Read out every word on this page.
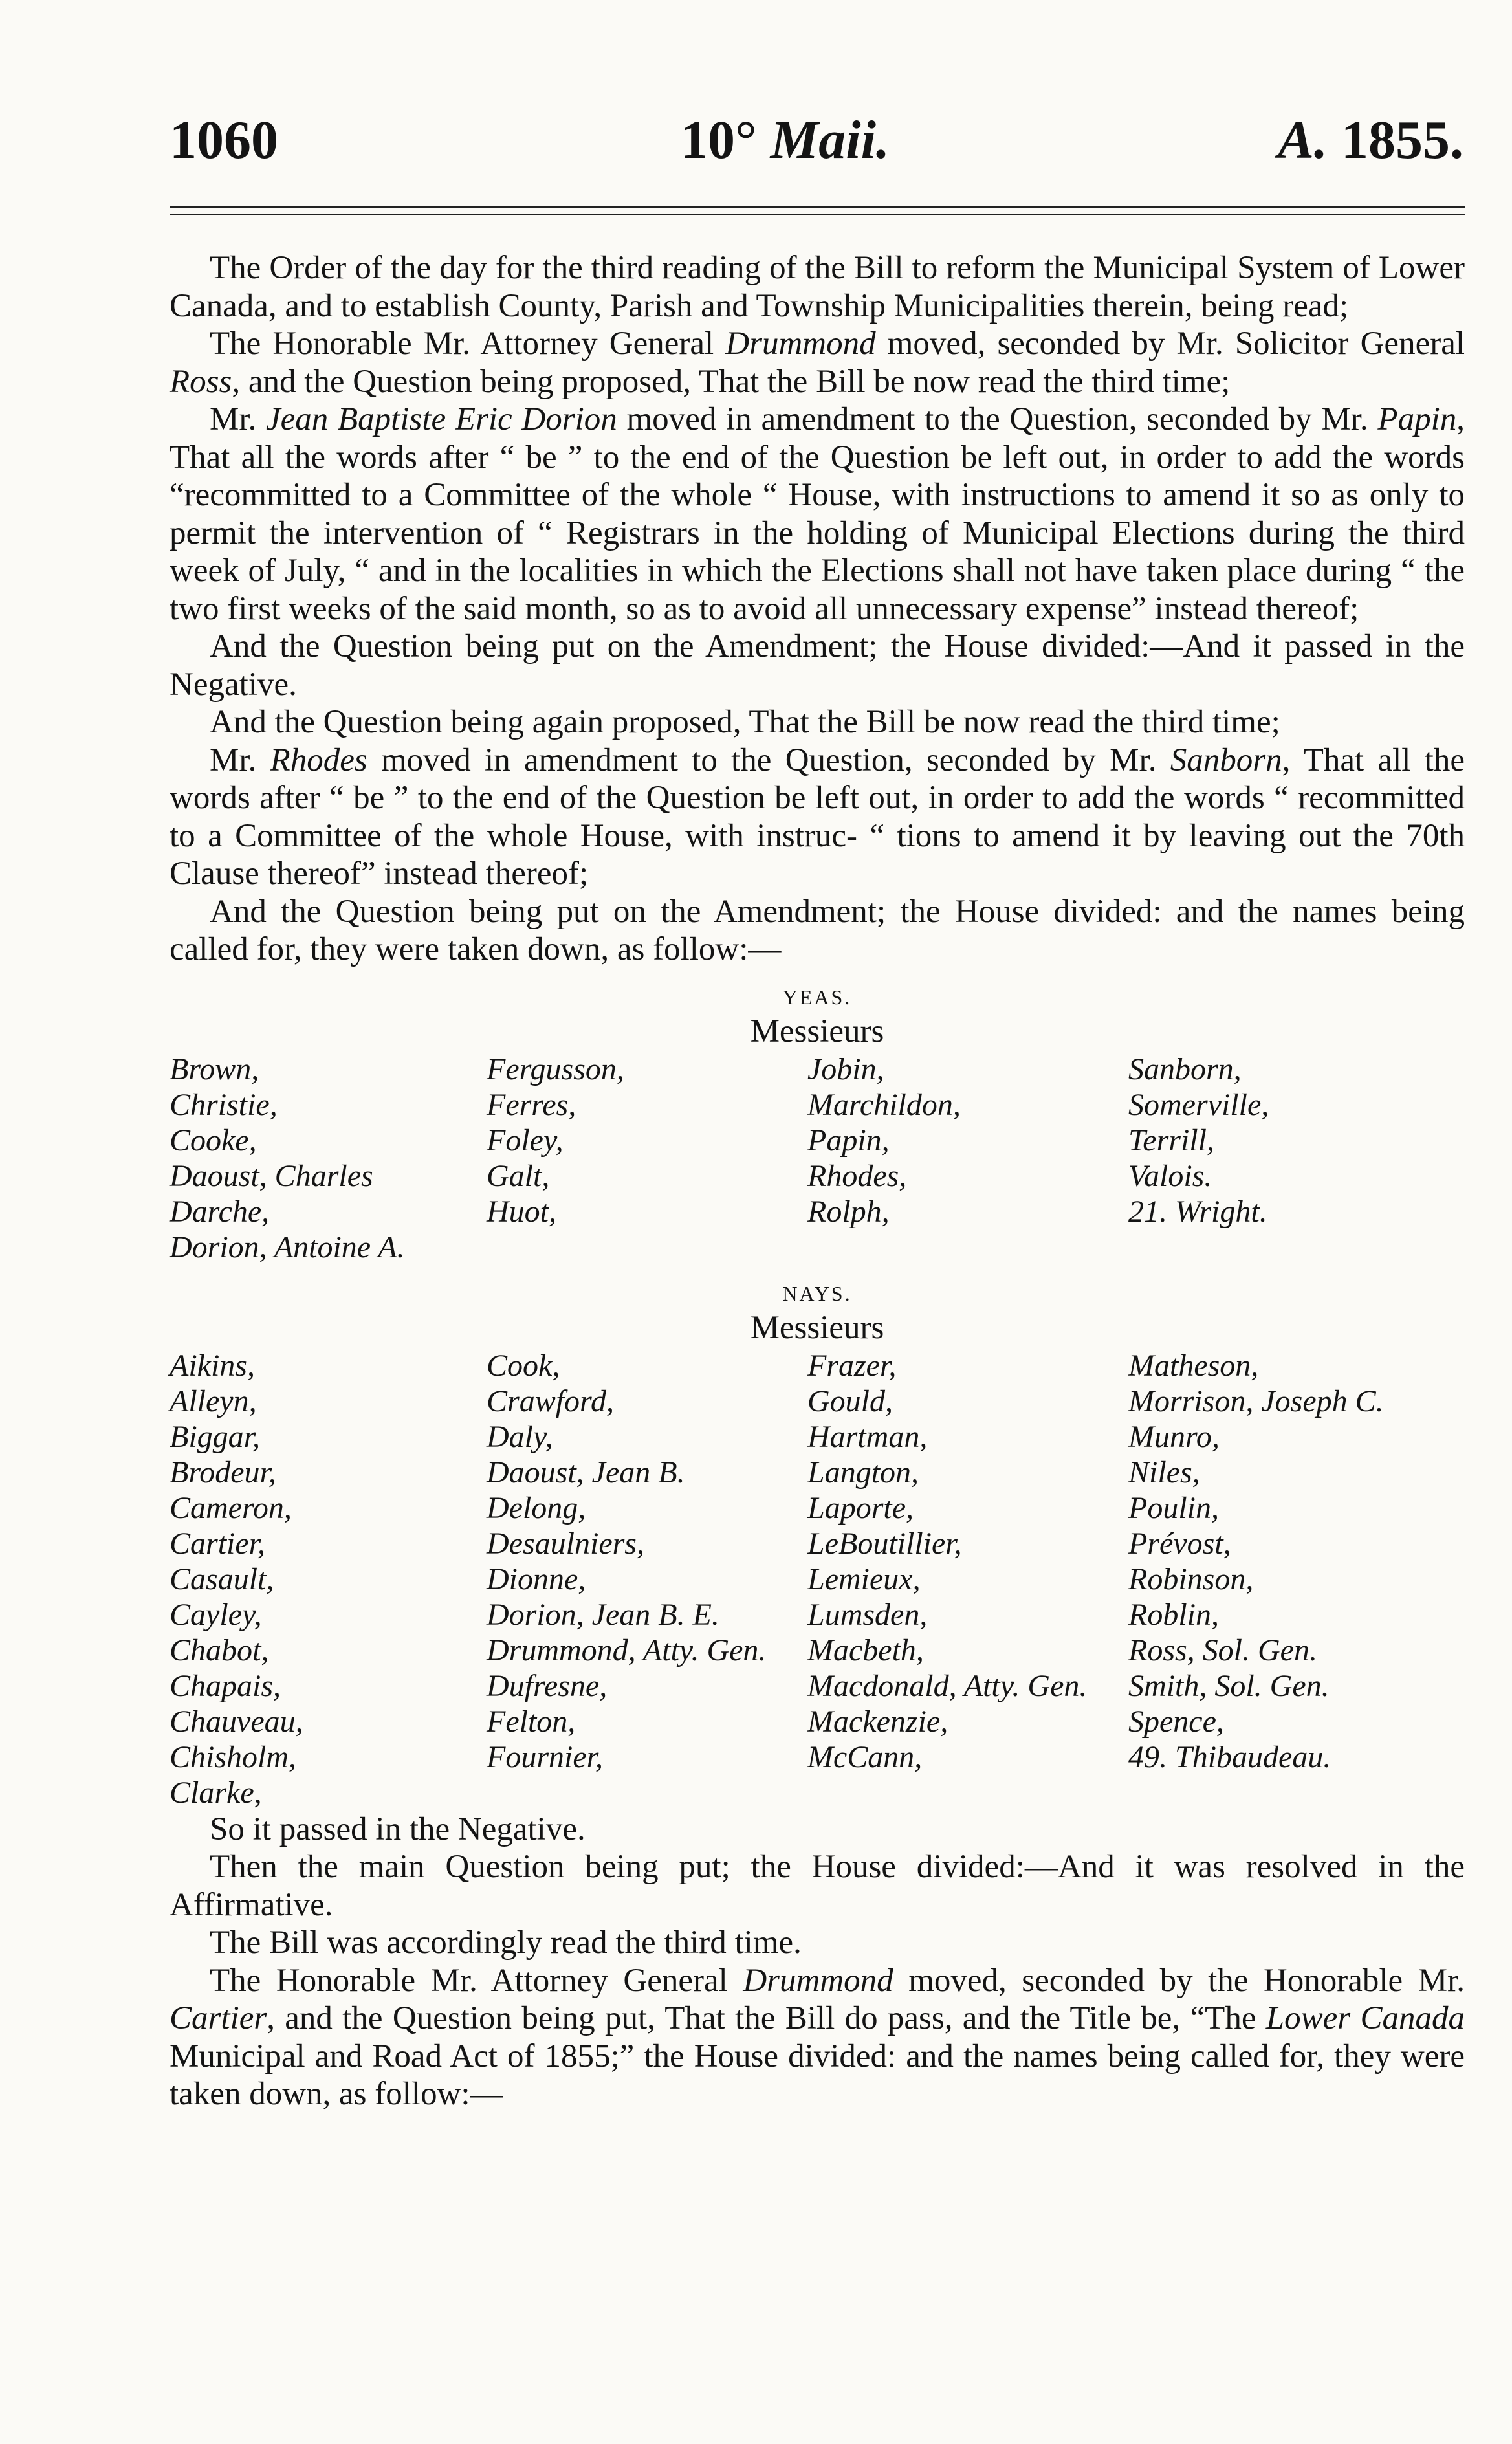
1060	10° Maii.	A. 1855.

The Order of the day for the third reading of the Bill to reform the Municipal System of Lower Canada, and to establish County, Parish and Township Municipalities therein, being read;

The Honorable Mr. Attorney General Drummond moved, seconded by Mr. Solicitor General Ross, and the Question being proposed, That the Bill be now read the third time;

Mr. Jean Baptiste Eric Dorion moved in amendment to the Question, seconded by Mr. Papin, That all the words after “ be ” to the end of the Question be left out, in order to add the words “recommitted to a Committee of the whole “ House, with instructions to amend it so as only to permit the intervention of “ Registrars in the holding of Municipal Elections during the third week of July, “ and in the localities in which the Elections shall not have taken place during “ the two first weeks of the said month, so as to avoid all unnecessary expense” instead thereof;

And the Question being put on the Amendment; the House divided:—And it passed in the Negative.

And the Question being again proposed, That the Bill be now read the third time;

Mr. Rhodes moved in amendment to the Question, seconded by Mr. Sanborn, That all the words after “ be ” to the end of the Question be left out, in order to add the words “ recommitted to a Committee of the whole House, with instruc- “ tions to amend it by leaving out the 70th Clause thereof” instead thereof;

And the Question being put on the Amendment; the House divided: and the names being called for, they were taken down, as follow:—

YEAS.
Messieurs
Brown,	Fergusson,	Jobin,	Sanborn,
Christie,	Ferres,	Marchildon,	Somerville,
Cooke,	Foley,	Papin,	Terrill,
Daoust, Charles	Galt,	Rhodes,	Valois.
Darche,	Huot,	Rolph,	21. Wright.
Dorion, Antoine A.			
NAYS.
Messieurs
Aikins,	Cook,	Frazer,	Matheson,
Alleyn,	Crawford,	Gould,	Morrison, Joseph C.
Biggar,	Daly,	Hartman,	Munro,
Brodeur,	Daoust, Jean B.	Langton,	Niles,
Cameron,	Delong,	Laporte,	Poulin,
Cartier,	Desaulniers,	LeBoutillier,	Prévost,
Casault,	Dionne,	Lemieux,	Robinson,
Cayley,	Dorion, Jean B. E.	Lumsden,	Roblin,
Chabot,	Drummond, Atty. Gen.	Macbeth,	Ross, Sol. Gen.
Chapais,	Dufresne,	Macdonald, Atty. Gen.	Smith, Sol. Gen.
Chauveau,	Felton,	Mackenzie,	Spence,
Chisholm,	Fournier,	McCann,	49. Thibaudeau.
Clarke,			

So it passed in the Negative.

Then the main Question being put; the House divided:—And it was resolved in the Affirmative.

The Bill was accordingly read the third time.

The Honorable Mr. Attorney General Drummond moved, seconded by the Honorable Mr. Cartier, and the Question being put, That the Bill do pass, and the Title be, “The Lower Canada Municipal and Road Act of 1855;” the House divided: and the names being called for, they were taken down, as follow:—
